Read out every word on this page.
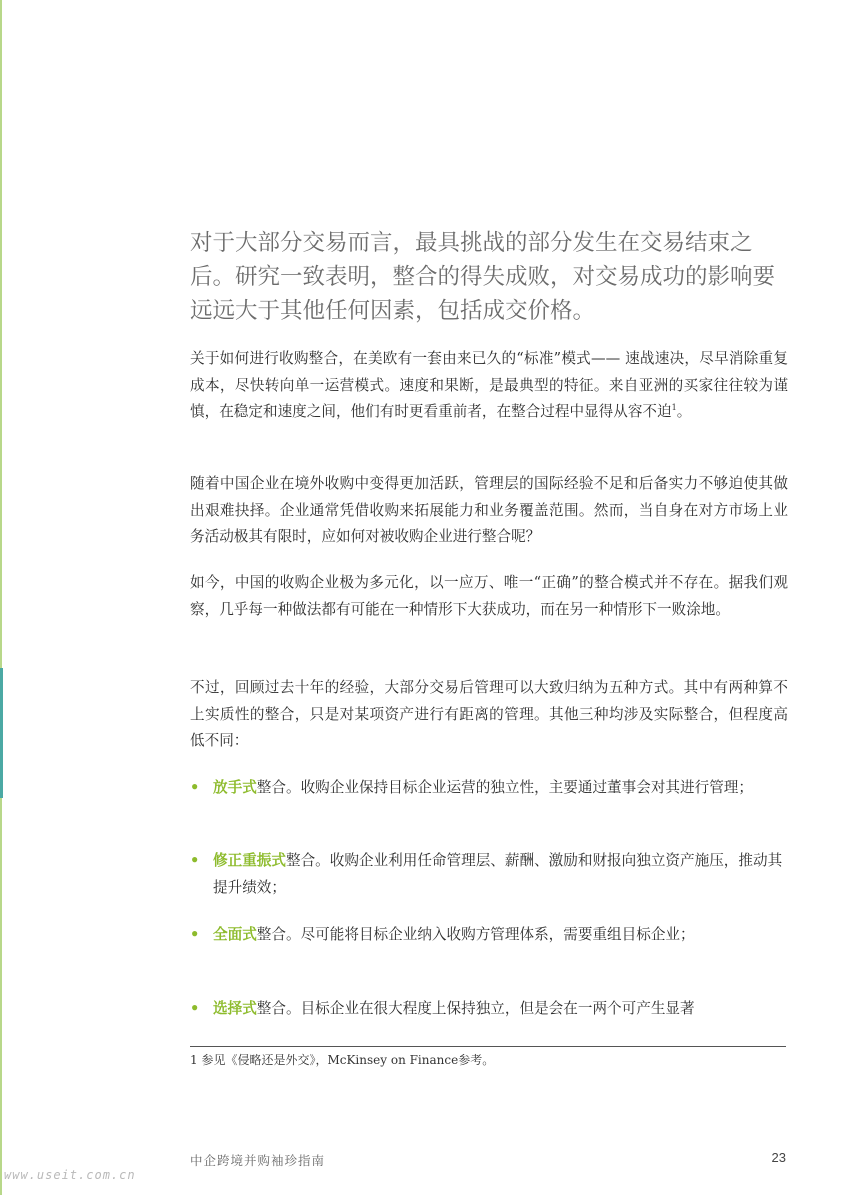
对于大部分交易而言，最具挑战的部分发生在交易结束之后。研究一致表明，整合的得失成败，对交易成功的影响要远远大于其他任何因素，包括成交价格。

关于如何进行收购整合，在美欧有一套由来已久的“标准”模式—— 速战速决，尽早消除重复成本，尽快转向单一运营模式。速度和果断，是最典型的特征。来自亚洲的买家往往较为谨慎，在稳定和速度之间，他们有时更看重前者，在整合过程中显得从容不迫$^1$。

随着中国企业在境外收购中变得更加活跃，管理层的国际经验不足和后备实力不够迫使其做出艰难抉择。企业通常凭借收购来拓展能力和业务覆盖范围。然而，当自身在对方市场上业务活动极其有限时，应如何对被收购企业进行整合呢？

如今，中国的收购企业极为多元化，以一应万、唯一“正确”的整合模式并不存在。据我们观察，几乎每一种做法都有可能在一种情形下大获成功，而在另一种情形下一败涂地。

不过，回顾过去十年的经验，大部分交易后管理可以大致归纳为五种方式。其中有两种算不上实质性的整合，只是对某项资产进行有距离的管理。其他三种均涉及实际整合，但程度高低不同：

• 放手式整合。收购企业保持目标企业运营的独立性，主要通过董事会对其进行管理；
• 修正重振式整合。收购企业利用任命管理层、薪酬、激励和财报向独立资产施压，推动其提升绩效；
• 全面式整合。尽可能将目标企业纳入收购方管理体系，需要重组目标企业；
• 选择式整合。目标企业在很大程度上保持独立，但是会在一两个可产生显著

1 参见《侵略还是外交》，McKinsey on Finance参考。

中企跨境并购袖珍指南	23
www.useit.com.cn
